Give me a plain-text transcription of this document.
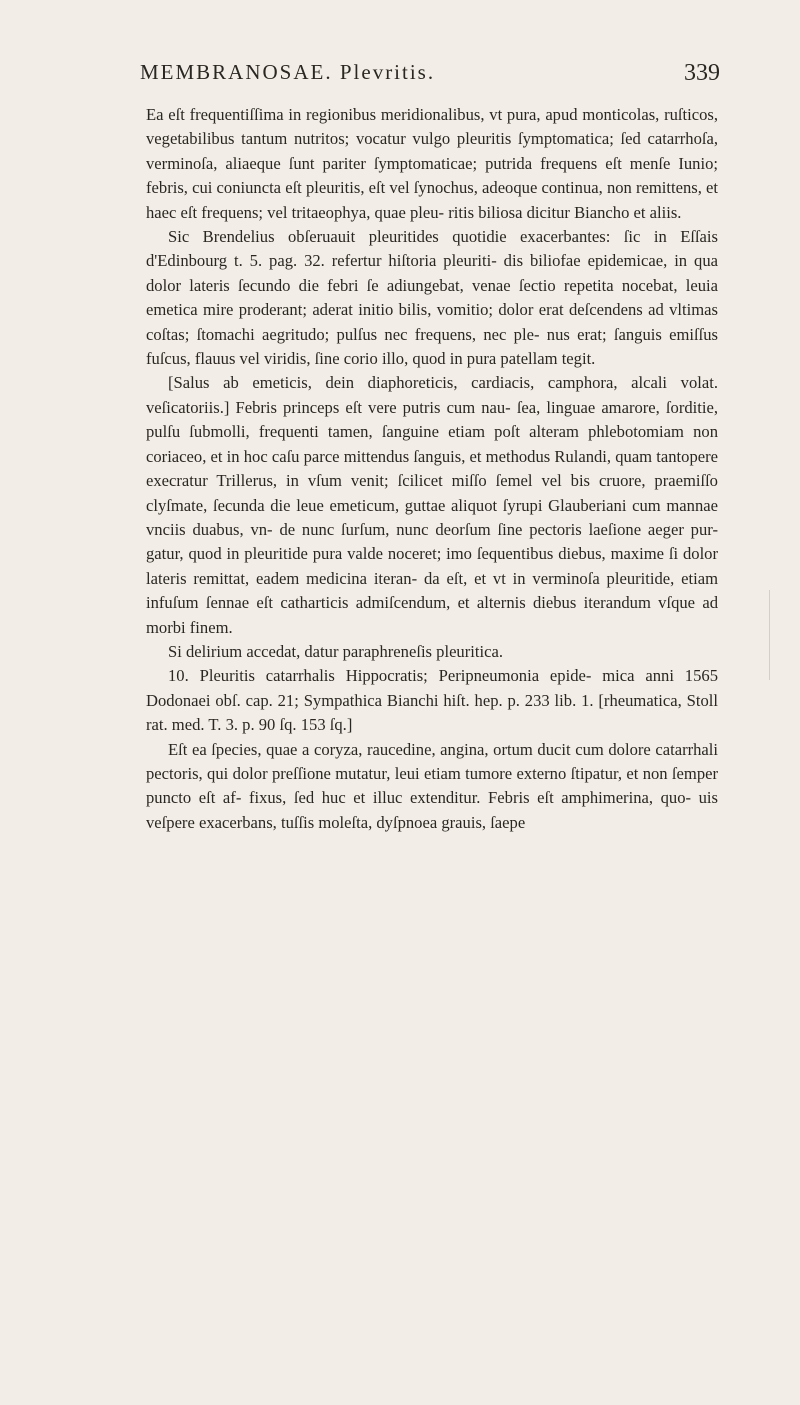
MEMBRANOSAE. Plevritis.	339

Ea eſt frequentiſſima in regionibus meridionalibus, vt pura, apud monticolas, ruſticos, vegetabilibus tantum nutritos; vocatur vulgo pleuritis ſymptomatica; ſed catarrhoſa, verminoſa, aliaeque ſunt pariter ſymptomaticae; putrida frequens eſt menſe Iunio; febris, cui coniuncta eſt pleuritis, eſt vel ſynochus, adeoque continua, non remittens, et haec eſt frequens; vel tritaeophya, quae pleu- ritis biliosa dicitur Biancho et aliis.

Sic Brendelius obſeruauit pleuritides quotidie exacerbantes: ſic in Eſſais d'Edinbourg t. 5. pag. 32. refertur hiſtoria pleuriti- dis biliofae epidemicae, in qua dolor lateris ſecundo die febri ſe adiungebat, venae ſectio repetita nocebat, leuia emetica mire proderant; aderat initio bilis, vomitio; dolor erat deſcendens ad vltimas coſtas; ſtomachi aegritudo; pulſus nec frequens, nec ple- nus erat; ſanguis emiſſus fuſcus, flauus vel viridis, ſine corio illo, quod in pura patellam tegit.

[Salus ab emeticis, dein diaphoreticis, cardiacis, camphora, alcali volat. veſicatoriis.] Febris princeps eſt vere putris cum nau- ſea, linguae amarore, ſorditie, pulſu ſubmolli, frequenti tamen, ſanguine etiam poſt alteram phlebotomiam non coriaceo, et in hoc caſu parce mittendus ſanguis, et methodus Rulandi, quam tantopere execratur Trillerus, in vſum venit; ſcilicet miſſo ſemel vel bis cruore, praemiſſo clyſmate, ſecunda die leue emeticum, guttae aliquot ſyrupi Glauberiani cum mannae vnciis duabus, vn- de nunc ſurſum, nunc deorſum ſine pectoris laeſione aeger pur- gatur, quod in pleuritide pura valde noceret; imo ſequentibus diebus, maxime ſi dolor lateris remittat, eadem medicina iteran- da eſt, et vt in verminoſa pleuritide, etiam infuſum ſennae eſt catharticis admiſcendum, et alternis diebus iterandum vſque ad morbi finem.

Si delirium accedat, datur paraphreneſis pleuritica.

10. Pleuritis catarrhalis Hippocratis; Peripneumonia epide- mica anni 1565 Dodonaei obſ. cap. 21; Sympathica Bianchi hiſt. hep. p. 233 lib. 1. [rheumatica, Stoll rat. med. T. 3. p. 90 ſq. 153 ſq.]

Eſt ea ſpecies, quae a coryza, raucedine, angina, ortum ducit cum dolore catarrhali pectoris, qui dolor preſſione mutatur, leui etiam tumore externo ſtipatur, et non ſemper puncto eſt af- fixus, ſed huc et illuc extenditur. Febris eſt amphimerina, quo- uis veſpere exacerbans, tuſſis moleſta, dyſpnoea grauis, ſaepe
